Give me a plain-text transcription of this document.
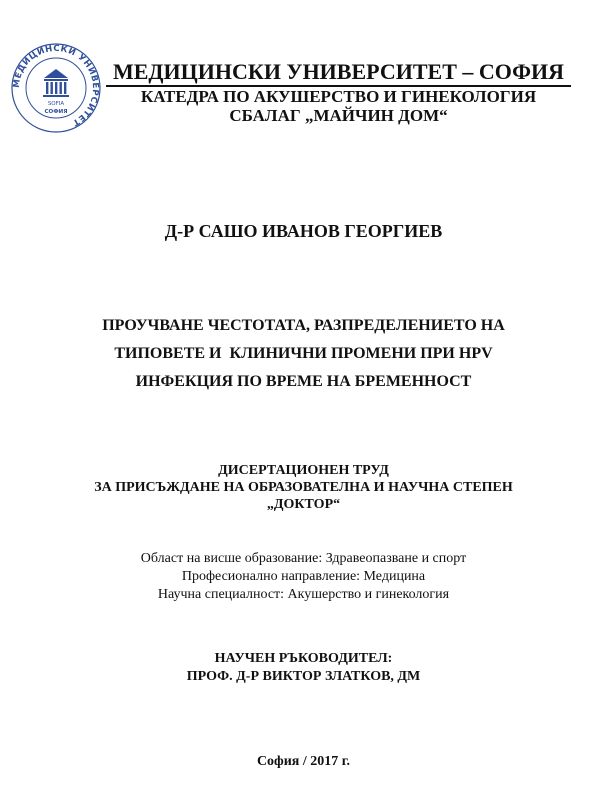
МЕДИЦИНСКИ УНИВЕРСИТЕТ
SOFIA
СОФИЯ
МЕДИЦИНСКИ УНИВЕРСИТЕТ – СОФИЯ
КАТЕДРА ПО АКУШЕРСТВО И ГИНЕКОЛОГИЯ
СБАЛАГ „МАЙЧИН ДОМ“
Д-Р САШО ИВАНОВ ГЕОРГИЕВ
ПРОУЧВАНЕ ЧЕСТОТАТА, РАЗПРЕДЕЛЕНИЕТО НА
ТИПОВЕТЕ И  КЛИНИЧНИ ПРОМЕНИ ПРИ HPV
ИНФЕКЦИЯ ПО ВРЕМЕ НА БРЕМЕННОСТ
ДИСЕРТАЦИОНЕН ТРУД
ЗА ПРИСЪЖДАНЕ НА ОБРАЗОВАТЕЛНА И НАУЧНА СТЕПЕН
„ДОКТОР“
Област на висше образование: Здравеопазване и спорт
Професионално направление: Медицина
Научна специалност: Акушерство и гинекология
НАУЧЕН РЪКОВОДИТЕЛ:
ПРОФ. Д-Р ВИКТОР ЗЛАТКОВ, ДМ
София / 2017 г.
